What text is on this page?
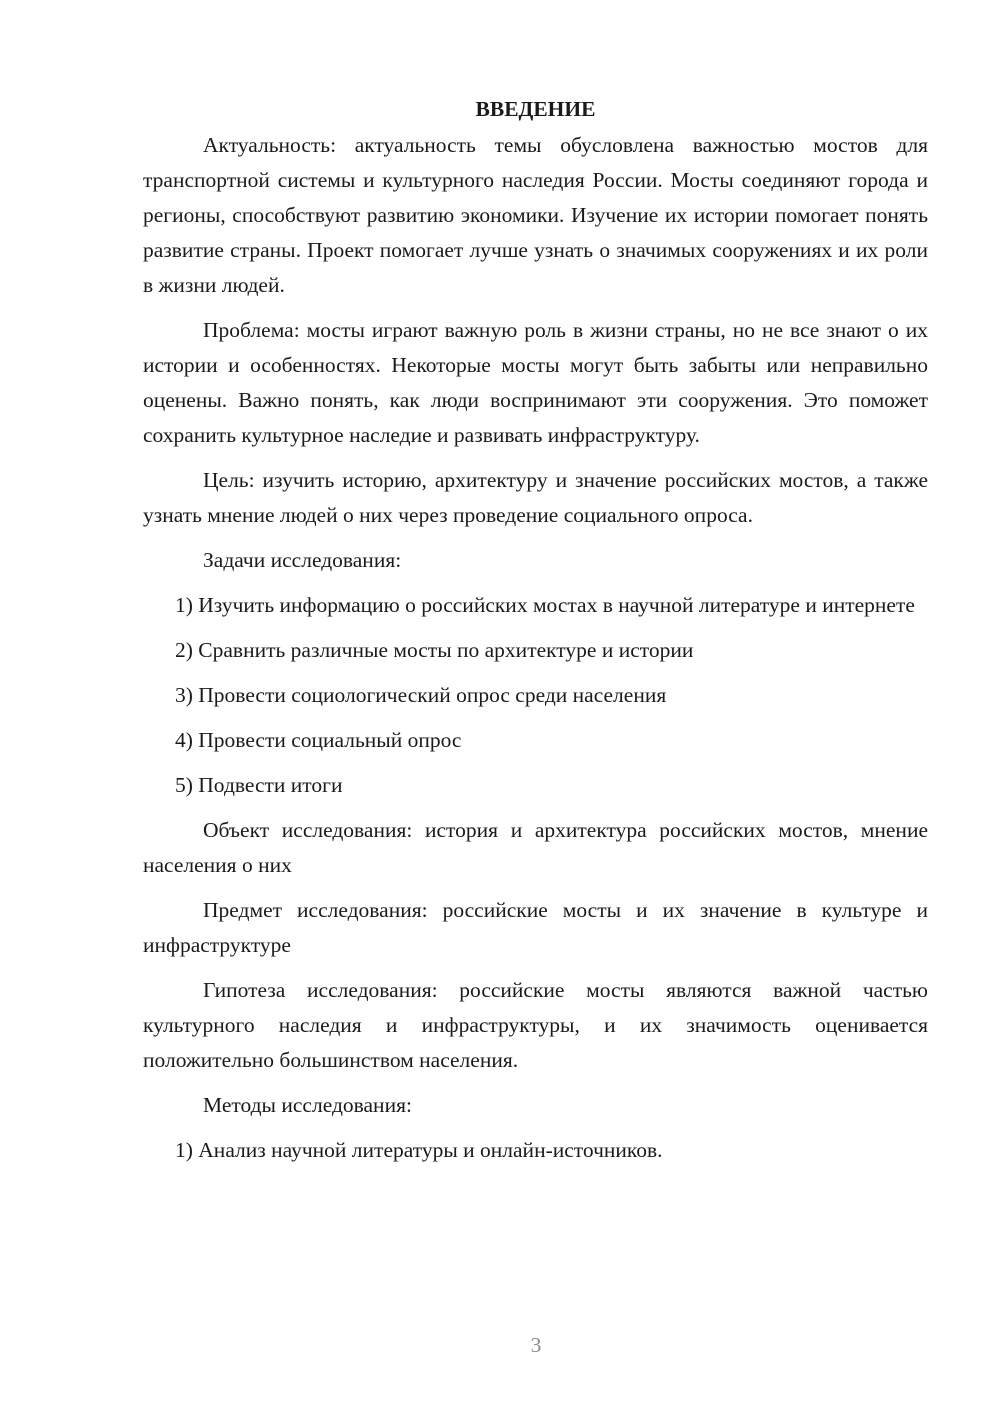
ВВЕДЕНИЕ

Актуальность: актуальность темы обусловлена важностью мостов для транспортной системы и культурного наследия России. Мосты соединяют города и регионы, способствуют развитию экономики. Изучение их истории помогает понять развитие страны. Проект помогает лучше узнать о значимых сооружениях и их роли в жизни людей.

Проблема: мосты играют важную роль в жизни страны, но не все знают о их истории и особенностях. Некоторые мосты могут быть забыты или неправильно оценены. Важно понять, как люди воспринимают эти сооружения. Это поможет сохранить культурное наследие и развивать инфраструктуру.

Цель: изучить историю, архитектуру и значение российских мостов, а также узнать мнение людей о них через проведение социального опроса.

Задачи исследования:

1) Изучить информацию о российских мостах в научной литературе и интернете

2) Сравнить различные мосты по архитектуре и истории

3) Провести социологический опрос среди населения

4) Провести социальный опрос

5) Подвести итоги

Объект исследования: история и архитектура российских мостов, мнение населения о них

Предмет исследования: российские мосты и их значение в культуре и инфраструктуре

Гипотеза исследования: российские мосты являются важной частью культурного наследия и инфраструктуры, и их значимость оценивается положительно большинством населения.

Методы исследования:

1) Анализ научной литературы и онлайн-источников.

3
